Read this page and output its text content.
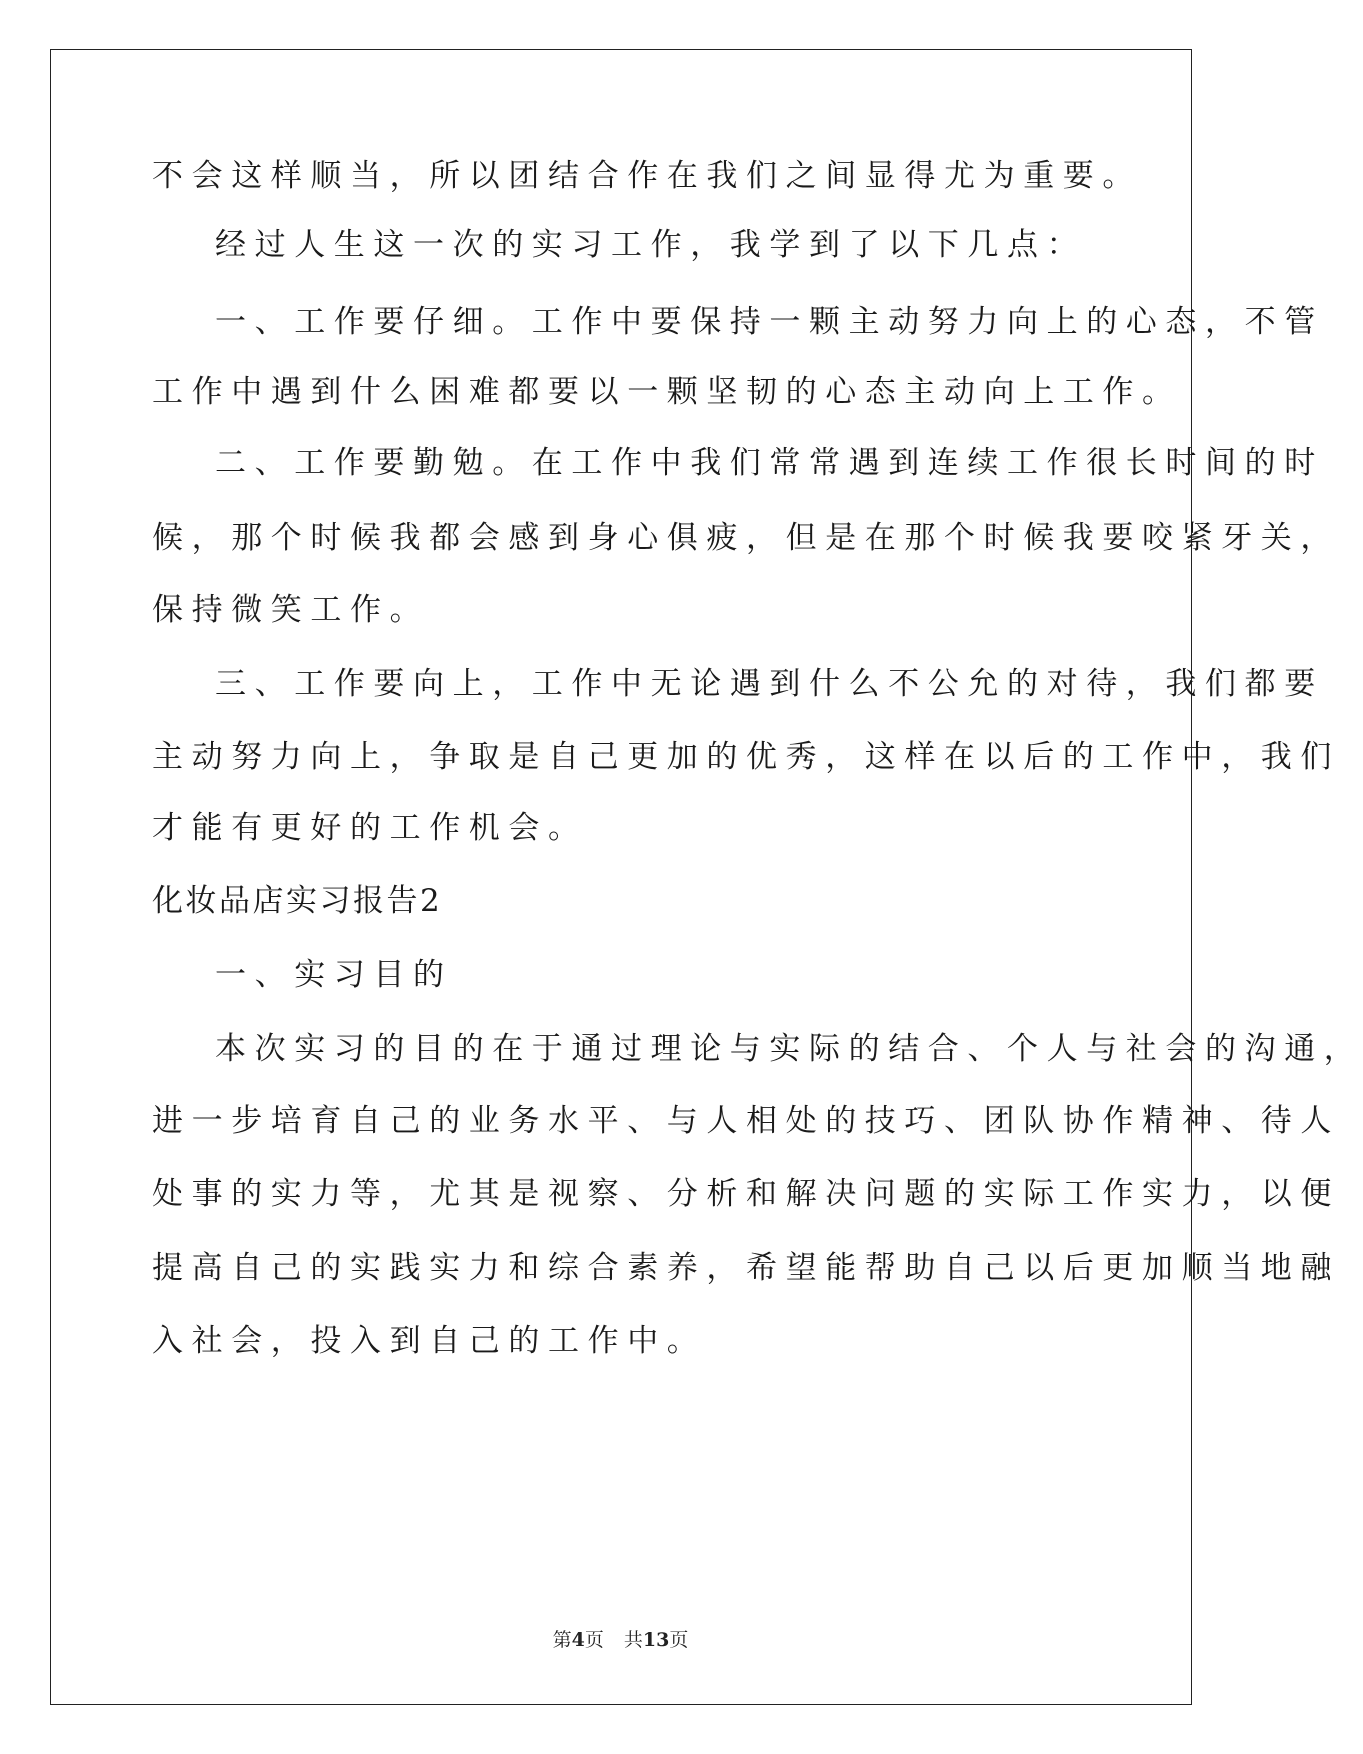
不会这样顺当，所以团结合作在我们之间显得尤为重要。
经过人生这一次的实习工作，我学到了以下几点：
一、工作要仔细。工作中要保持一颗主动努力向上的心态，不管
工作中遇到什么困难都要以一颗坚韧的心态主动向上工作。
二、工作要勤勉。在工作中我们常常遇到连续工作很长时间的时
候，那个时候我都会感到身心俱疲，但是在那个时候我要咬紧牙关，
保持微笑工作。
三、工作要向上，工作中无论遇到什么不公允的对待，我们都要
主动努力向上，争取是自己更加的优秀，这样在以后的工作中，我们
才能有更好的工作机会。
化妆品店实习报告2
一、实习目的
本次实习的目的在于通过理论与实际的结合、个人与社会的沟通，
进一步培育自己的业务水平、与人相处的技巧、团队协作精神、待人
处事的实力等，尤其是视察、分析和解决问题的实际工作实力，以便
提高自己的实践实力和综合素养，希望能帮助自己以后更加顺当地融
入社会，投入到自己的工作中。
第4页 共13页
